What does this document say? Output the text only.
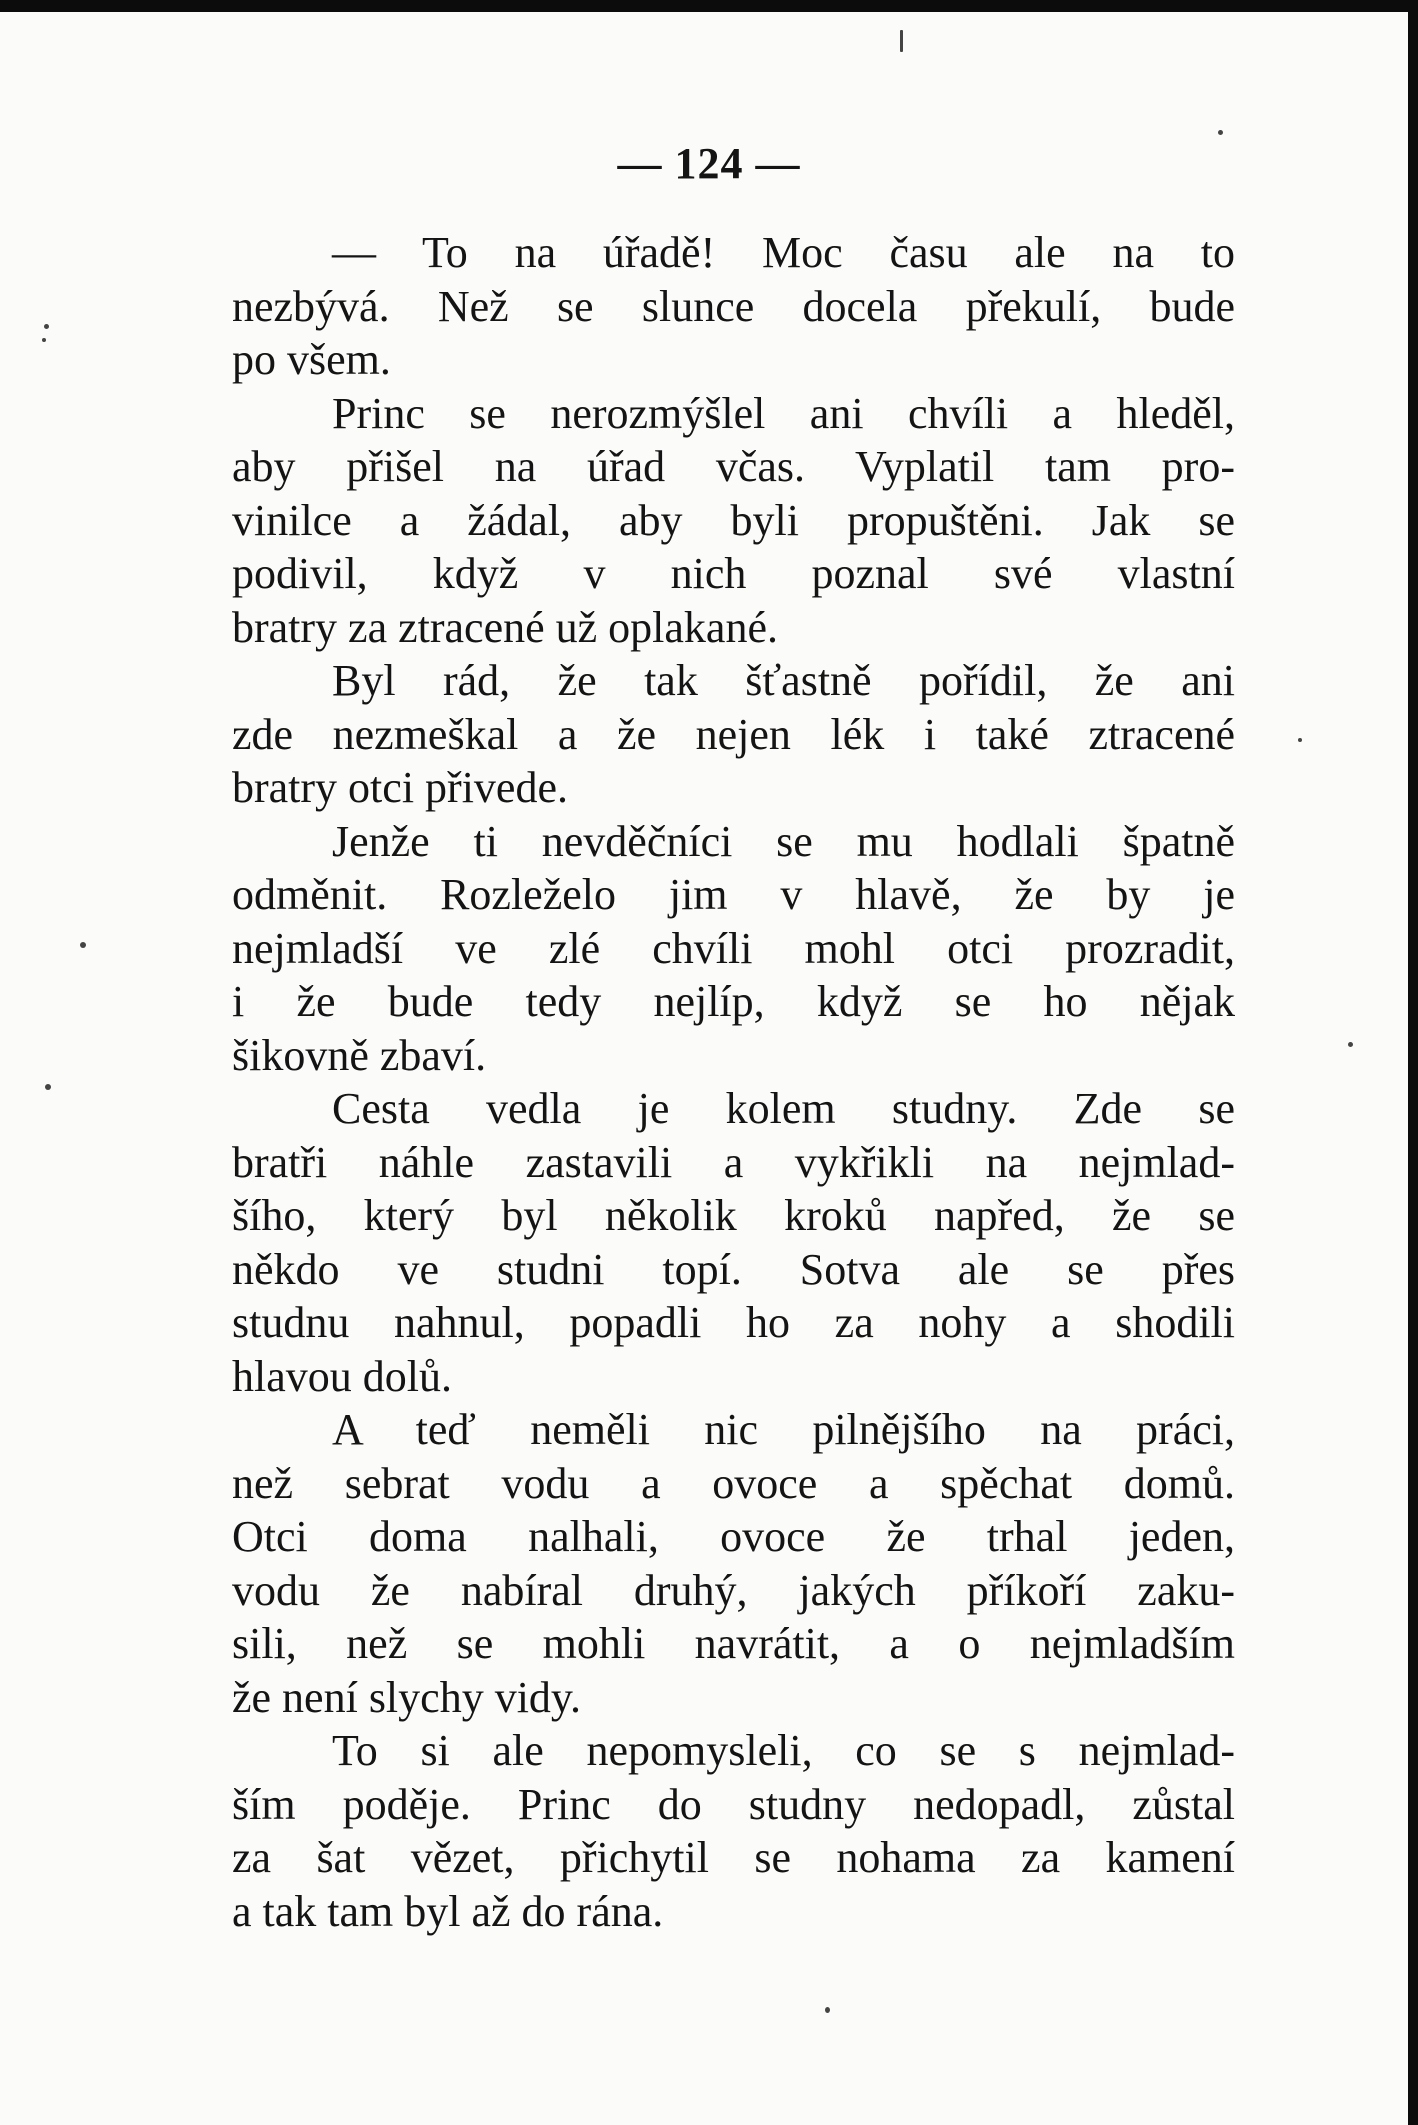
— 124 —
— To na úřadě! Moc času ale na to
nezbývá. Než se slunce docela překulí, bude
po všem.
Princ se nerozmýšlel ani chvíli a hleděl,
aby přišel na úřad včas. Vyplatil tam pro-
vinilce a žádal, aby byli propuštěni. Jak se
podivil, když v nich poznal své vlastní
bratry za ztracené už oplakané.
Byl rád, že tak šťastně pořídil, že ani
zde nezmeškal a že nejen lék i také ztracené
bratry otci přivede.
Jenže ti nevděčníci se mu hodlali špatně
odměnit. Rozleželo jim v hlavě, že by je
nejmladší ve zlé chvíli mohl otci prozradit,
i že bude tedy nejlíp, když se ho nějak
šikovně zbaví.
Cesta vedla je kolem studny. Zde se
bratři náhle zastavili a vykřikli na nejmlad-
šího, který byl několik kroků napřed, že se
někdo ve studni topí. Sotva ale se přes
studnu nahnul, popadli ho za nohy a shodili
hlavou dolů.
A teď neměli nic pilnějšího na práci,
než sebrat vodu a ovoce a spěchat domů.
Otci doma nalhali, ovoce že trhal jeden,
vodu že nabíral druhý, jakých příkoří zaku-
sili, než se mohli navrátit, a o nejmladším
že není slychy vidy.
To si ale nepomysleli, co se s nejmlad-
ším poděje. Princ do studny nedopadl, zůstal
za šat vězet, přichytil se nohama za kamení
a tak tam byl až do rána.
